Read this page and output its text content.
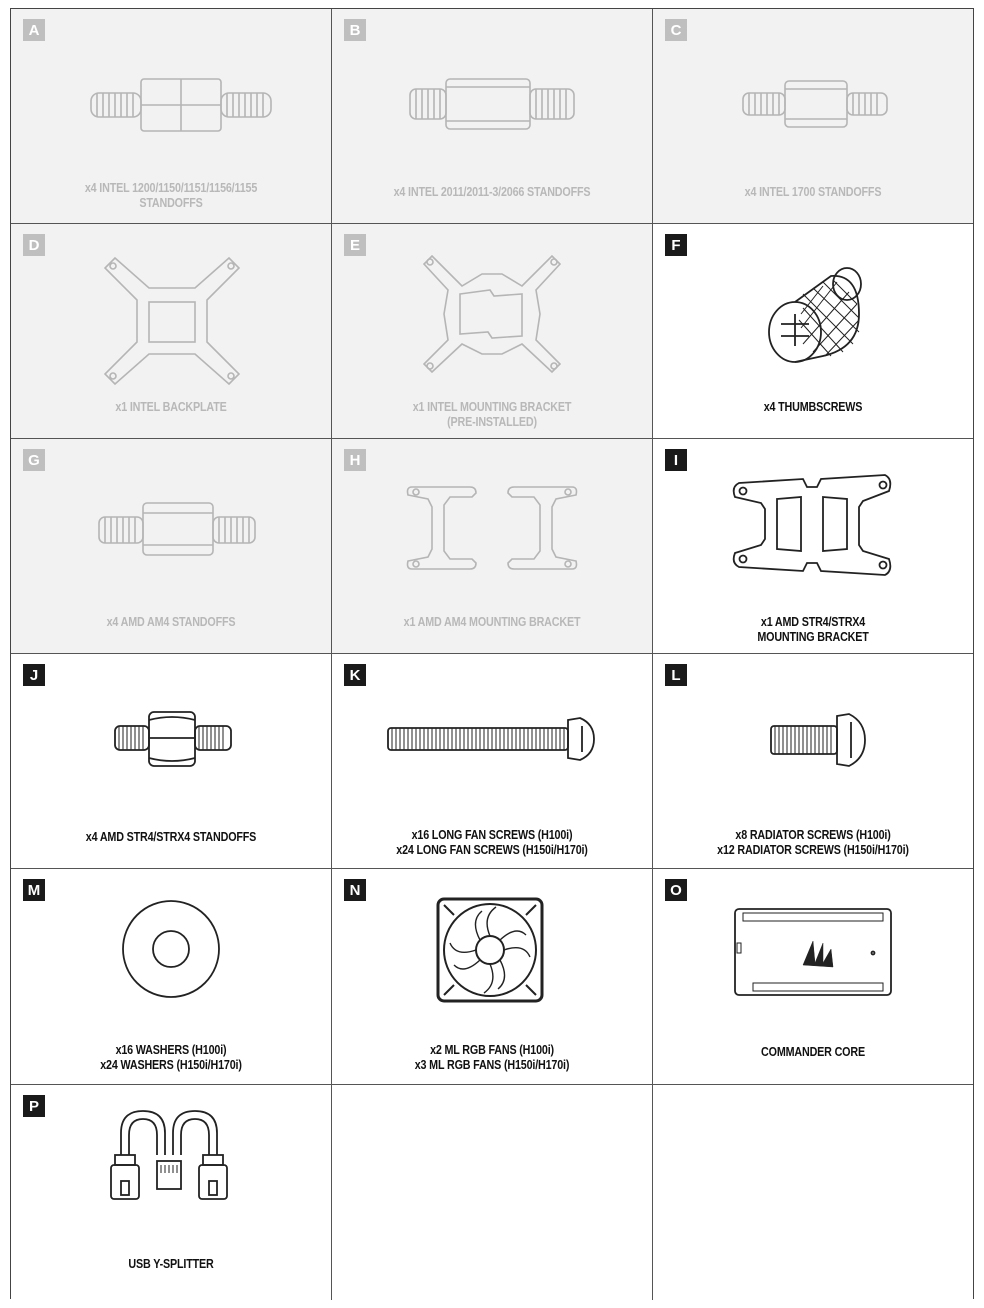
A
x4 INTEL 1200/1150/1151/1156/1155
STANDOFFS
B
x4 INTEL 2011/2011-3/2066 STANDOFFS
C
x4 INTEL 1700 STANDOFFS
D
x1 INTEL BACKPLATE
E
x1 INTEL MOUNTING BRACKET
(PRE-INSTALLED)
F
x4 THUMBSCREWS
G
x4 AMD AM4 STANDOFFS
H
x1 AMD AM4 MOUNTING BRACKET
I
x1 AMD STR4/STRX4
MOUNTING BRACKET
J
x4 AMD STR4/STRX4 STANDOFFS
K
x16 LONG FAN SCREWS (H100i)
x24 LONG FAN SCREWS (H150i/H170i)
L
x8 RADIATOR SCREWS (H100i)
x12 RADIATOR SCREWS (H150i/H170i)
M
x16 WASHERS (H100i)
x24 WASHERS (H150i/H170i)
N
x2 ML RGB FANS (H100i)
x3 ML RGB FANS (H150i/H170i)
O
COMMANDER CORE
P
USB Y-SPLITTER
